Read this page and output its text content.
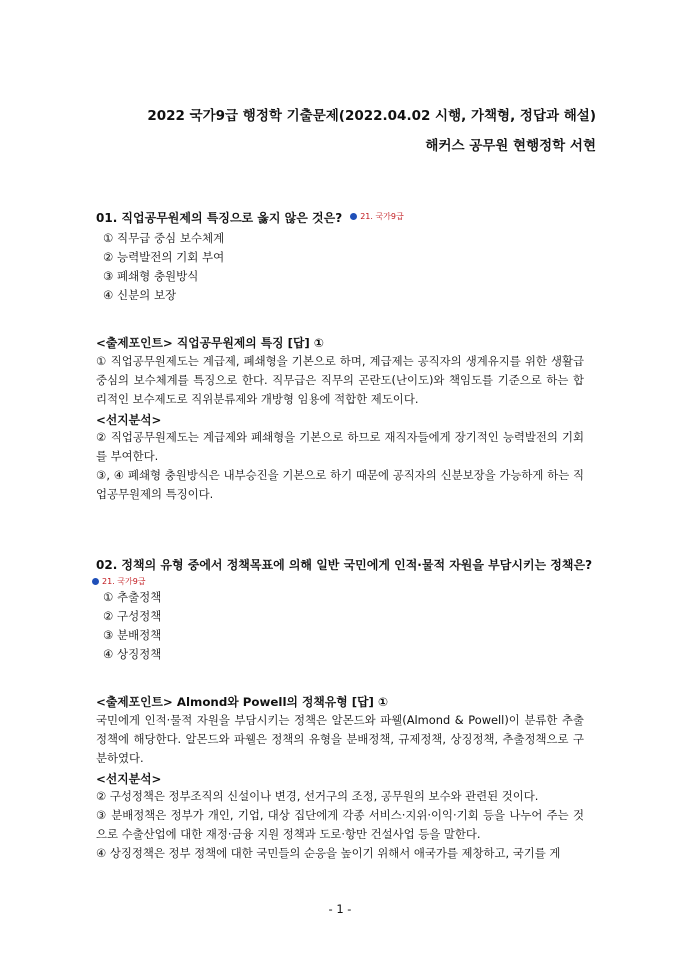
2022 국가9급 행정학 기출문제(2022.04.02 시행, 가책형, 정답과 해설)
해커스 공무원 현행정학 서현
01. 직업공무원제의 특징으로 옳지 않은 것은? 21. 국가9급
① 직무급 중심 보수체계
② 능력발전의 기회 부여
③ 폐쇄형 충원방식
④ 신분의 보장
<출제포인트> 직업공무원제의 특징 [답] ①
① 직업공무원제도는 계급제, 폐쇄형을 기본으로 하며, 계급제는 공직자의 생계유지를 위한 생활급 중심의 보수체계를 특징으로 한다. 직무급은 직무의 곤란도(난이도)와 책임도를 기준으로 하는 합리적인 보수제도로 직위분류제와 개방형 임용에 적합한 제도이다.
<선지분석>
② 직업공무원제도는 계급제와 폐쇄형을 기본으로 하므로 재직자들에게 장기적인 능력발전의 기회를 부여한다.
③, ④ 폐쇄형 충원방식은 내부승진을 기본으로 하기 때문에 공직자의 신분보장을 가능하게 하는 직업공무원제의 특징이다.
02. 정책의 유형 중에서 정책목표에 의해 일반 국민에게 인적·물적 자원을 부담시키는 정책은?
21. 국가9급
① 추출정책
② 구성정책
③ 분배정책
④ 상징정책
<출제포인트> Almond와 Powell의 정책유형 [답] ①
국민에게 인적·물적 자원을 부담시키는 정책은 알몬드와 파웰(Almond & Powell)이 분류한 추출정책에 해당한다. 알몬드와 파웰은 정책의 유형을 분배정책, 규제정책, 상징정책, 추출정책으로 구분하였다.
<선지분석>
② 구성정책은 정부조직의 신설이나 변경, 선거구의 조정, 공무원의 보수와 관련된 것이다.
③ 분배정책은 정부가 개인, 기업, 대상 집단에게 각종 서비스·지위·이익·기회 등을 나누어 주는 것으로 수출산업에 대한 재정·금융 지원 정책과 도로·항만 건설사업 등을 말한다.
④ 상징정책은 정부 정책에 대한 국민들의 순응을 높이기 위해서 애국가를 제창하고, 국기를 게
- 1 -
